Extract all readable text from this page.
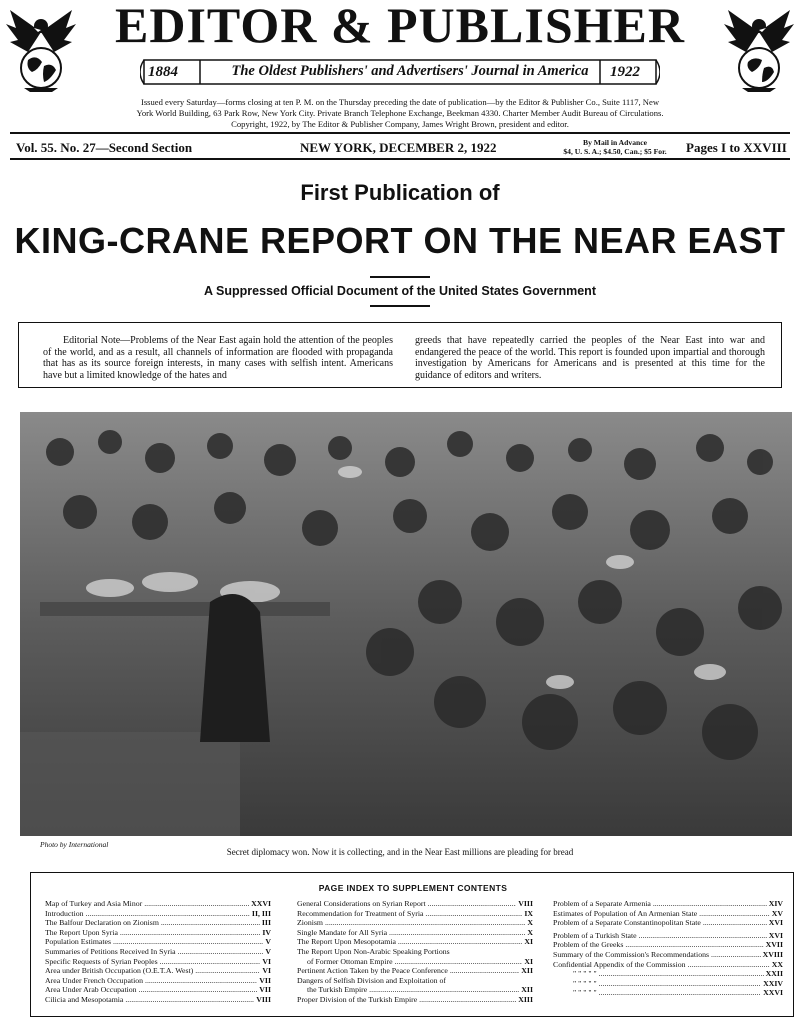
EDITOR & PUBLISHER
1884	The Oldest Publishers' and Advertisers' Journal in America	1922
Issued every Saturday—forms closing at ten P. M. on the Thursday preceding the date of publication—by the Editor & Publisher Co., Suite 1117, New
York World Building, 63 Park Row, New York City. Private Branch Telephone Exchange, Beekman 4330. Charter Member Audit Bureau of Circulations.
Copyright, 1922, by The Editor & Publisher Company, James Wright Brown, president and editor.
Vol. 55. No. 27—Second Section	NEW YORK, DECEMBER 2, 1922	By Mail in Advance
$4, U. S. A.; $4.50, Can.; $5 For.	Pages I to XXVIII
First Publication of
KING-CRANE REPORT ON THE NEAR EAST
A Suppressed Official Document of the United States Government
Editorial Note—Problems of the Near East again hold the attention of the peoples of the world, and as a result, all channels of information are flooded with propaganda that has as its source foreign interests, in many cases with selfish intent. Americans have but a limited knowledge of the hates and
greeds that have repeatedly carried the peoples of the Near East into war and endangered the peace of the world. This report is founded upon impartial and thorough investigation by Americans for Americans and is presented at this time for the guidance of editors and writers.
Photo by International
Secret diplomacy won. Now it is collecting, and in the Near East millions are pleading for bread
PAGE INDEX TO SUPPLEMENT CONTENTS
Map of Turkey and Asia Minor .....	XXVI
Introduction .....	II, III
The Balfour Declaration on Zionism .....	III
The Report Upon Syria .....	IV
Population Estimates .....	V
Summaries of Petitions Received In Syria .....	V
Specific Requests of Syrian Peoples .....	VI
Area under British Occupation (O.E.T.A. West) .....	VI
Area Under French Occupation .....	VII
Area Under Arab Occupation .....	VII
Cilicia and Mesopotamia .....	VIII
General Considerations on Syrian Report .....	VIII
Recommendation for Treatment of Syria .....	IX
Zionism .....	X
Single Mandate for All Syria .....	X
The Report Upon Mesopotamia .....	XI
The Report Upon Non-Arabic Speaking Portions
of Former Ottoman Empire .....	XI
Pertinent Action Taken by the Peace Conference .....	XII
Dangers of Selfish Division and Exploitation of
the Turkish Empire .....	XII
Proper Division of the Turkish Empire .....	XIII
Problem of a Separate Armenia .....	XIV
Estimates of Population of An Armenian State .....	XV
Problem of a Separate Constantinopolitan State .....	XVI
Problem of a Turkish State .....	XVI
Problem of the Greeks .....	XVII
Summary of the Commission's Recommendations .....	XVIII
Confidential Appendix of the Commission .....	XX
" " " " " .....	XXII
" " " " " .....	XXIV
" " " " " .....	XXVI
